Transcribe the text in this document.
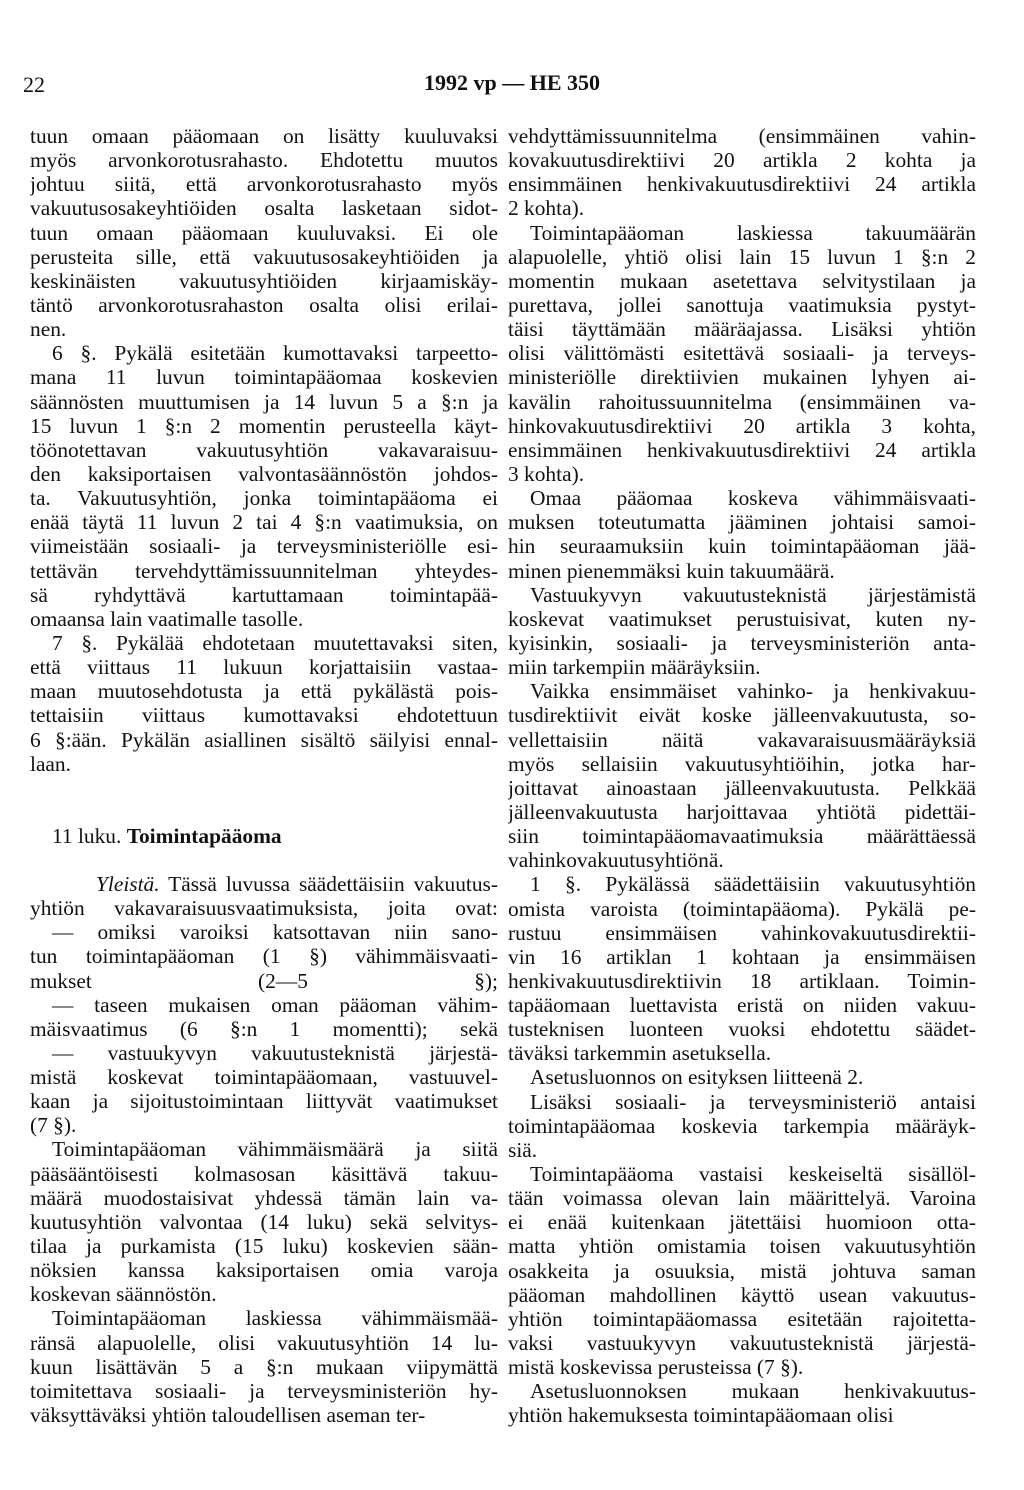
22	1992 vp — HE 350
tuun omaan pääomaan on lisätty kuuluvaksi
myös arvonkorotusrahasto. Ehdotettu muutos
johtuu siitä, että arvonkorotusrahasto myös
vakuutusosakeyhtiöiden osalta lasketaan sidot-
tuun omaan pääomaan kuuluvaksi. Ei ole
perusteita sille, että vakuutusosakeyhtiöiden ja
keskinäisten vakuutusyhtiöiden kirjaamiskäy-
täntö arvonkorotusrahaston osalta olisi erilai-
nen.
6 §. Pykälä esitetään kumottavaksi tarpeetto-
mana 11 luvun toimintapääomaa koskevien
säännösten muuttumisen ja 14 luvun 5 a §:n ja
15 luvun 1 §:n 2 momentin perusteella käyt-
töönotettavan vakuutusyhtiön vakavaraisuu-
den kaksiportaisen valvontasäännöstön johdos-
ta. Vakuutusyhtiön, jonka toimintapääoma ei
enää täytä 11 luvun 2 tai 4 §:n vaatimuksia, on
viimeistään sosiaali- ja terveysministeriölle esi-
tettävän tervehdyttämissuunnitelman yhteydes-
sä ryhdyttävä kartuttamaan toimintapää-
omaansa lain vaatimalle tasolle.
7 §. Pykälää ehdotetaan muutettavaksi siten,
että viittaus 11 lukuun korjattaisiin vastaa-
maan muutosehdotusta ja että pykälästä pois-
tettaisiin viittaus kumottavaksi ehdotettuun
6 §:ään. Pykälän asiallinen sisältö säilyisi ennal-
laan.
11 luku. Toimintapääoma
Yleistä. Tässä luvussa säädettäisiin vakuutus-
yhtiön vakavaraisuusvaatimuksista, joita ovat:
— omiksi varoiksi katsottavan niin sano-
tun toimintapääoman (1 §) vähimmäisvaati-
mukset (2—5 §);
— taseen mukaisen oman pääoman vähim-
mäisvaatimus (6 §:n 1 momentti); sekä
— vastuukyvyn vakuutusteknistä järjestä-
mistä koskevat toimintapääomaan, vastuuvel-
kaan ja sijoitustoimintaan liittyvät vaatimukset
(7 §).
Toimintapääoman vähimmäismäärä ja siitä
pääsääntöisesti kolmasosan käsittävä takuu-
määrä muodostaisivat yhdessä tämän lain va-
kuutusyhtiön valvontaa (14 luku) sekä selvitys-
tilaa ja purkamista (15 luku) koskevien sään-
nöksien kanssa kaksiportaisen omia varoja
koskevan säännöstön.
Toimintapääoman laskiessa vähimmäismää-
ränsä alapuolelle, olisi vakuutusyhtiön 14 lu-
kuun lisättävän 5 a §:n mukaan viipymättä
toimitettava sosiaali- ja terveysministeriön hy-
väksyttäväksi yhtiön taloudellisen aseman ter-
vehdyttämissuunnitelma (ensimmäinen vahin-
kovakuutusdirektiivi 20 artikla 2 kohta ja
ensimmäinen henkivakuutusdirektiivi 24 artikla
2 kohta).
Toimintapääoman laskiessa takuumäärän
alapuolelle, yhtiö olisi lain 15 luvun 1 §:n 2
momentin mukaan asetettava selvitystilaan ja
purettava, jollei sanottuja vaatimuksia pystyt-
täisi täyttämään määräajassa. Lisäksi yhtiön
olisi välittömästi esitettävä sosiaali- ja terveys-
ministeriölle direktiivien mukainen lyhyen ai-
kavälin rahoitussuunnitelma (ensimmäinen va-
hinkovakuutusdirektiivi 20 artikla 3 kohta,
ensimmäinen henkivakuutusdirektiivi 24 artikla
3 kohta).
Omaa pääomaa koskeva vähimmäisvaati-
muksen toteutumatta jääminen johtaisi samoi-
hin seuraamuksiin kuin toimintapääoman jää-
minen pienemmäksi kuin takuumäärä.
Vastuukyvyn vakuutusteknistä järjestämistä
koskevat vaatimukset perustuisivat, kuten ny-
kyisinkin, sosiaali- ja terveysministeriön anta-
miin tarkempiin määräyksiin.
Vaikka ensimmäiset vahinko- ja henkivakuu-
tusdirektiivit eivät koske jälleenvakuutusta, so-
vellettaisiin näitä vakavaraisuusmääräyksiä
myös sellaisiin vakuutusyhtiöihin, jotka har-
joittavat ainoastaan jälleenvakuutusta. Pelkkää
jälleenvakuutusta harjoittavaa yhtiötä pidettäi-
siin toimintapääomavaatimuksia määrättäessä
vahinkovakuutusyhtiönä.
1 §. Pykälässä säädettäisiin vakuutusyhtiön
omista varoista (toimintapääoma). Pykälä pe-
rustuu ensimmäisen vahinkovakuutusdirektii-
vin 16 artiklan 1 kohtaan ja ensimmäisen
henkivakuutusdirektiivin 18 artiklaan. Toimin-
tapääomaan luettavista eristä on niiden vakuu-
tusteknisen luonteen vuoksi ehdotettu säädet-
täväksi tarkemmin asetuksella.
Asetusluonnos on esityksen liitteenä 2.
Lisäksi sosiaali- ja terveysministeriö antaisi
toimintapääomaa koskevia tarkempia määräyk-
siä.
Toimintapääoma vastaisi keskeiseltä sisällöl-
tään voimassa olevan lain määrittelyä. Varoina
ei enää kuitenkaan jätettäisi huomioon otta-
matta yhtiön omistamia toisen vakuutusyhtiön
osakkeita ja osuuksia, mistä johtuva saman
pääoman mahdollinen käyttö usean vakuutus-
yhtiön toimintapääomassa esitetään rajoitetta-
vaksi vastuukyvyn vakuutusteknistä järjestä-
mistä koskevissa perusteissa (7 §).
Asetusluonnoksen mukaan henkivakuutus-
yhtiön hakemuksesta toimintapääomaan olisi
